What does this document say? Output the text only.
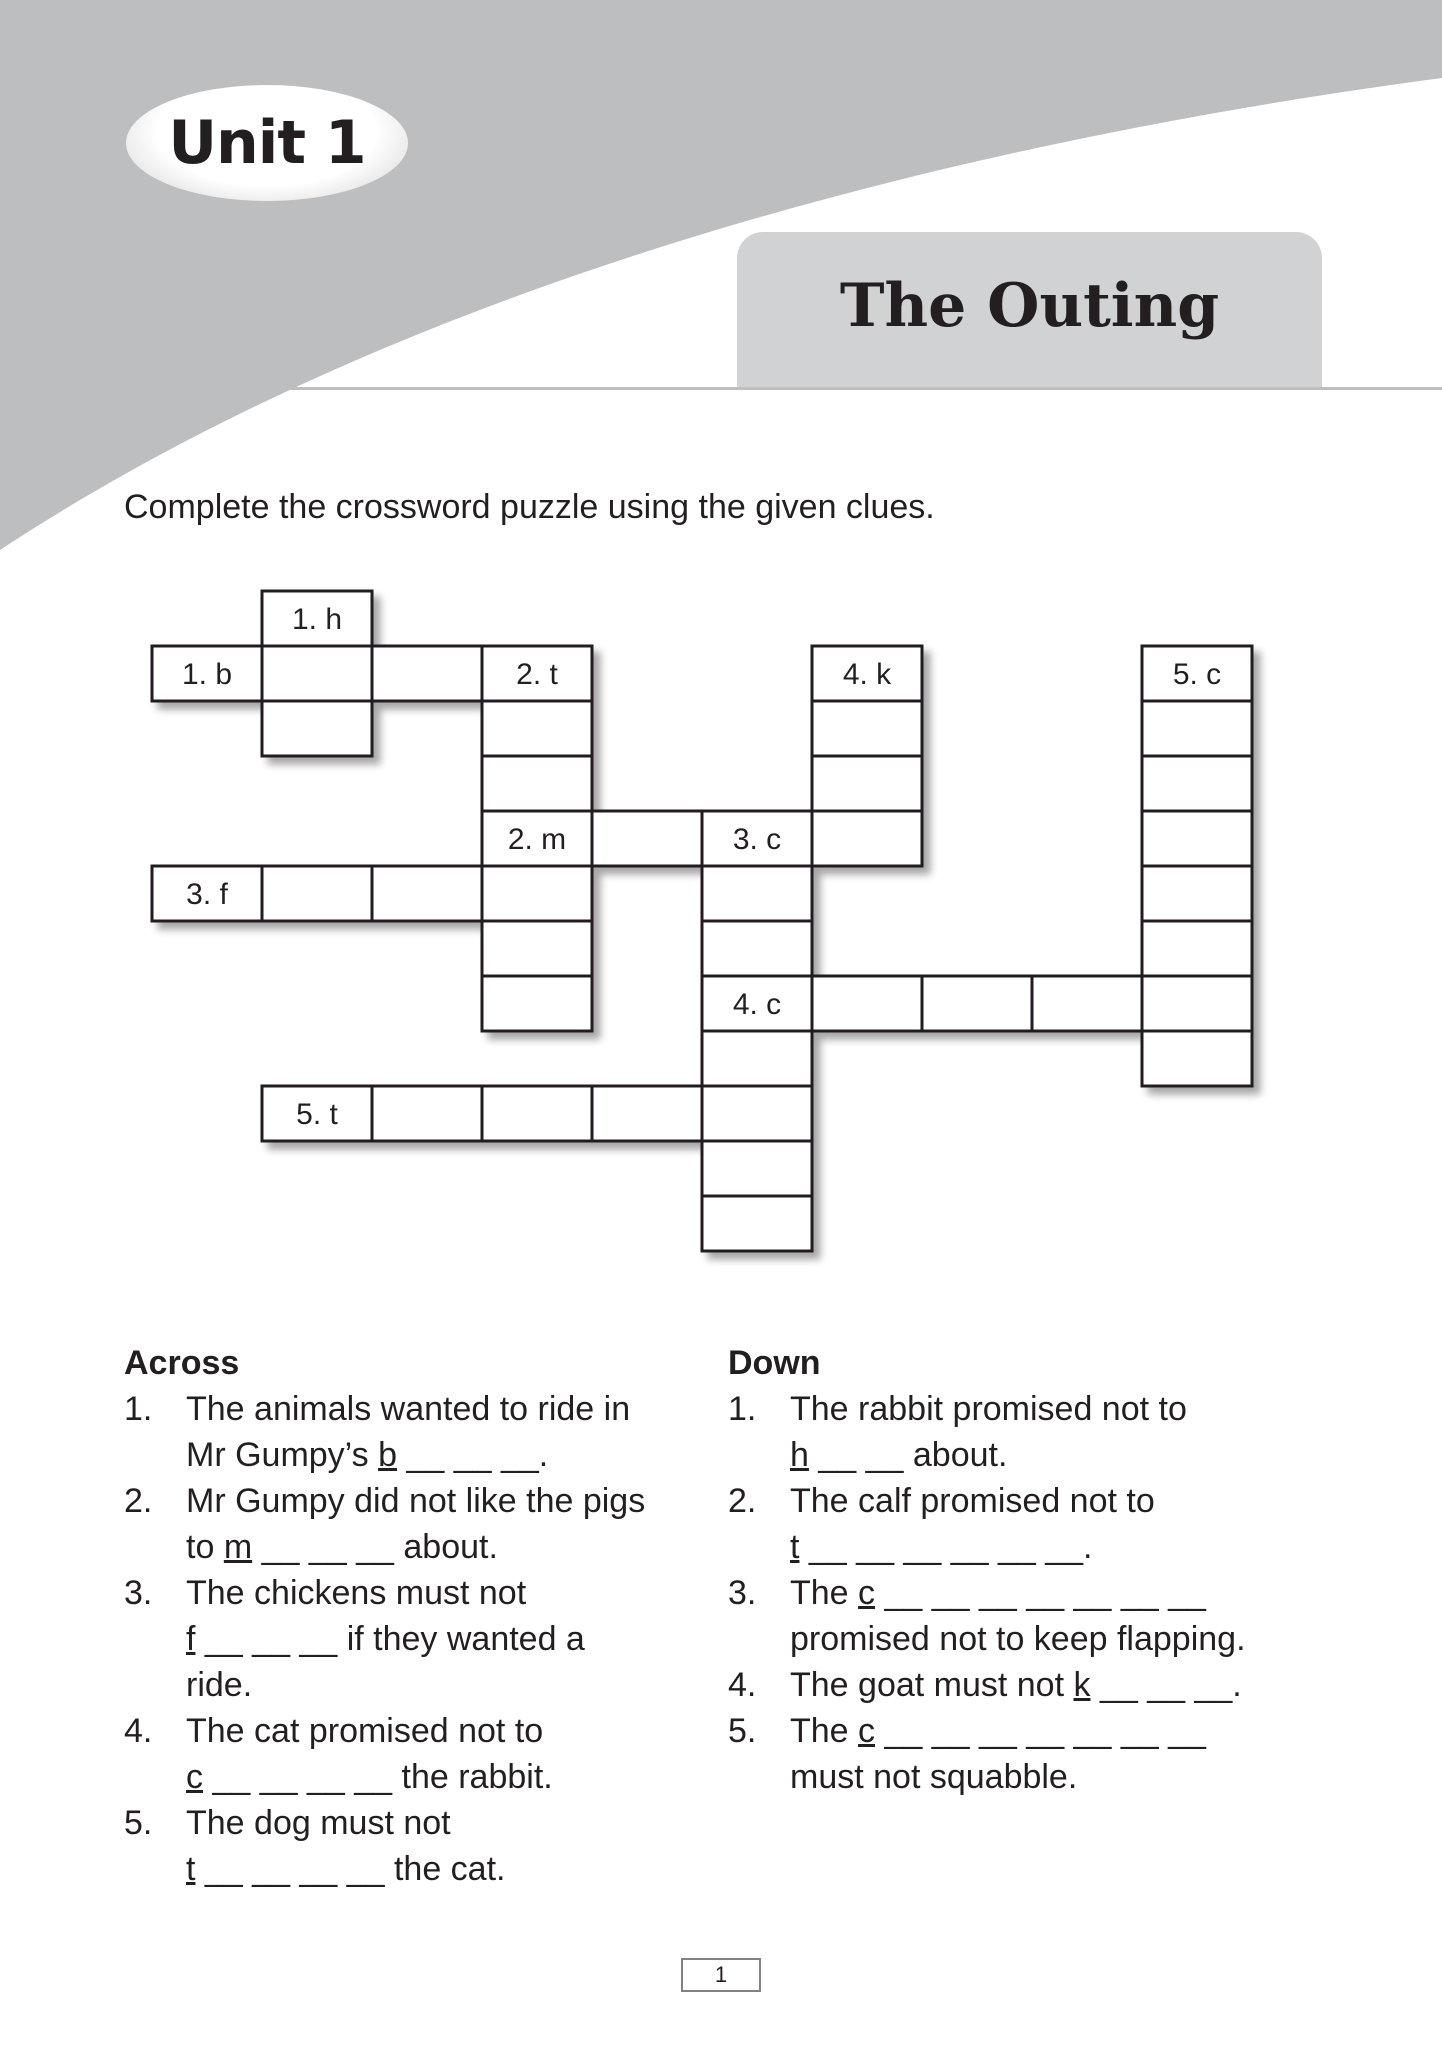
Unit 1
The Outing
Complete the crossword puzzle using the given clues.
1. h
1. b	2. t	4. k	5. c
2. m	3. c
3. f
4. c
5. t
Across
1. The animals wanted to ride in
Mr Gumpy’s b __ __ __.
2. Mr Gumpy did not like the pigs
to m __ __ __ about.
3. The chickens must not
f __ __ __ if they wanted a
ride.
4. The cat promised not to
c __ __ __ __ the rabbit.
5. The dog must not
t __ __ __ __ the cat.
Down
1. The rabbit promised not to
h __ __ about.
2. The calf promised not to
t __ __ __ __ __ __.
3. The c __ __ __ __ __ __ __
promised not to keep flapping.
4. The goat must not k __ __ __.
5. The c __ __ __ __ __ __ __
must not squabble.
1
